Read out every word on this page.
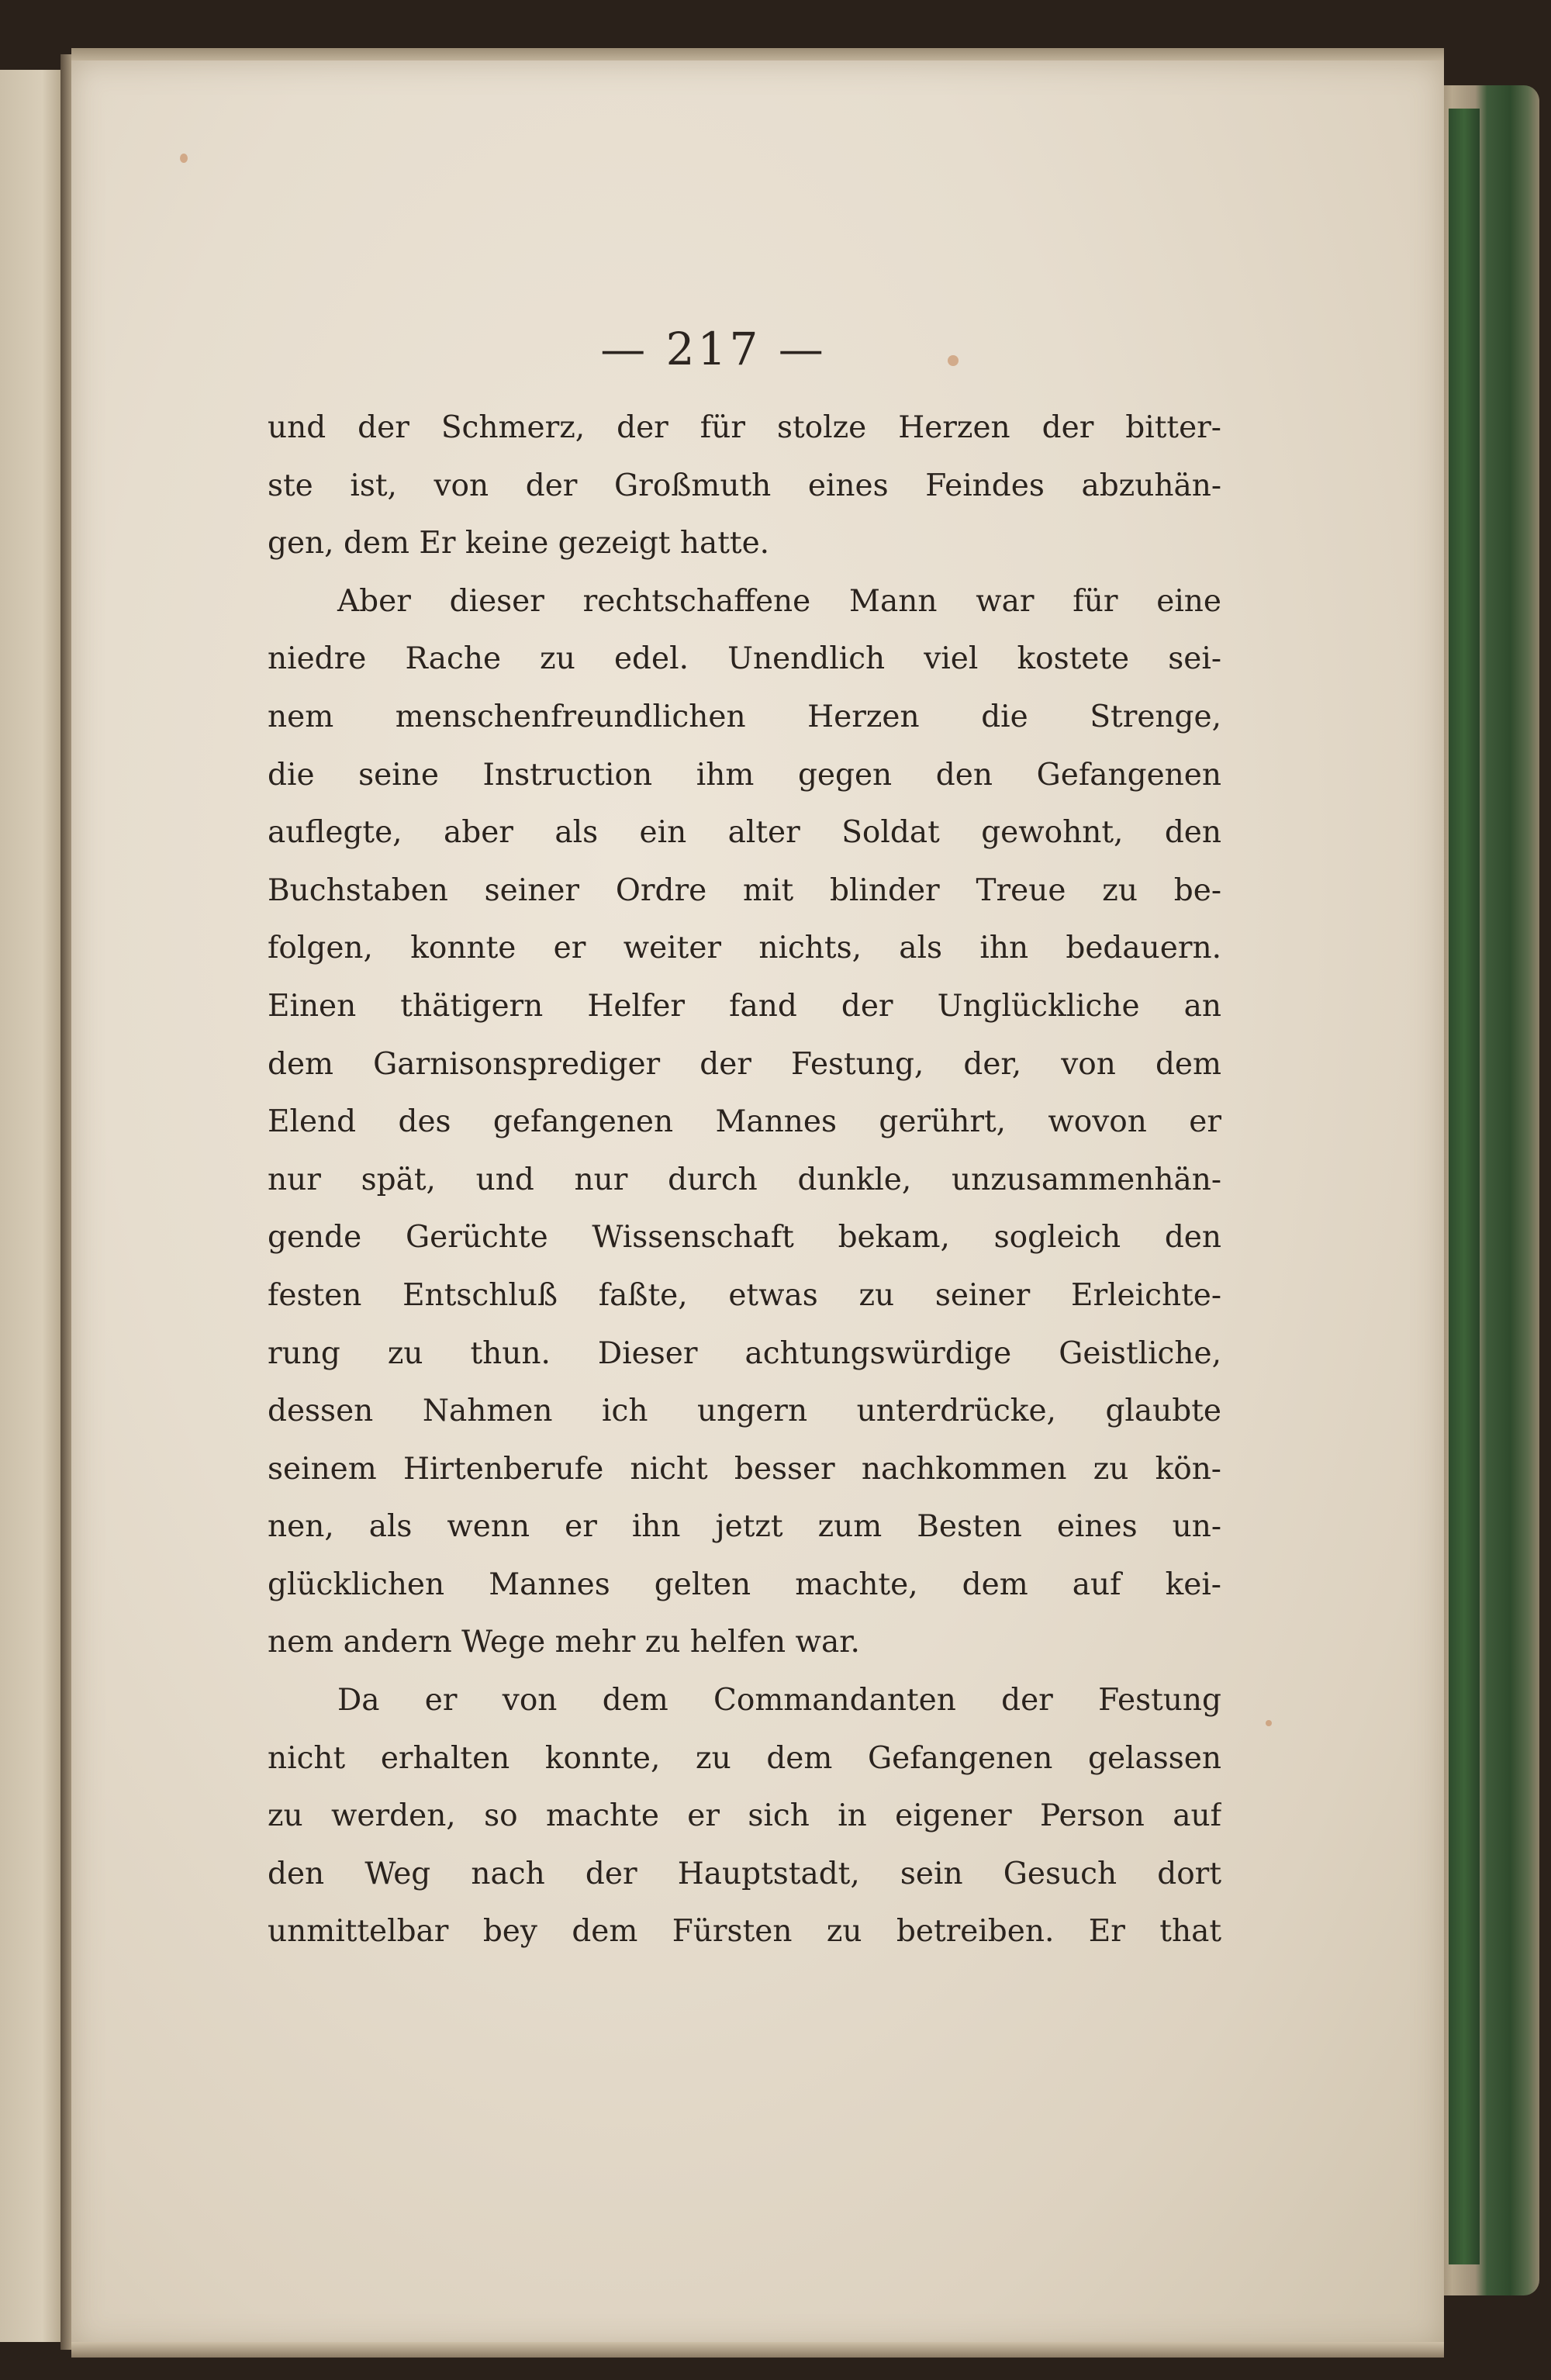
— 217 —
und der Schmerz, der für stolze Herzen der bitter-
ste ist, von der Großmuth eines Feindes abzuhän-
gen, dem Er keine gezeigt hatte.
Aber dieser rechtschaffene Mann war für eine
niedre Rache zu edel. Unendlich viel kostete sei-
nem menschenfreundlichen Herzen die Strenge,
die seine Instruction ihm gegen den Gefangenen
auflegte, aber als ein alter Soldat gewohnt, den
Buchstaben seiner Ordre mit blinder Treue zu be-
folgen, konnte er weiter nichts, als ihn bedauern.
Einen thätigern Helfer fand der Unglückliche an
dem Garnisonsprediger der Festung, der, von dem
Elend des gefangenen Mannes gerührt, wovon er
nur spät, und nur durch dunkle, unzusammenhän-
gende Gerüchte Wissenschaft bekam, sogleich den
festen Entschluß faßte, etwas zu seiner Erleichte-
rung zu thun. Dieser achtungswürdige Geistliche,
dessen Nahmen ich ungern unterdrücke, glaubte
seinem Hirtenberufe nicht besser nachkommen zu kön-
nen, als wenn er ihn jetzt zum Besten eines un-
glücklichen Mannes gelten machte, dem auf kei-
nem andern Wege mehr zu helfen war.
Da er von dem Commandanten der Festung
nicht erhalten konnte, zu dem Gefangenen gelassen
zu werden, so machte er sich in eigener Person auf
den Weg nach der Hauptstadt, sein Gesuch dort
unmittelbar bey dem Fürsten zu betreiben. Er that
